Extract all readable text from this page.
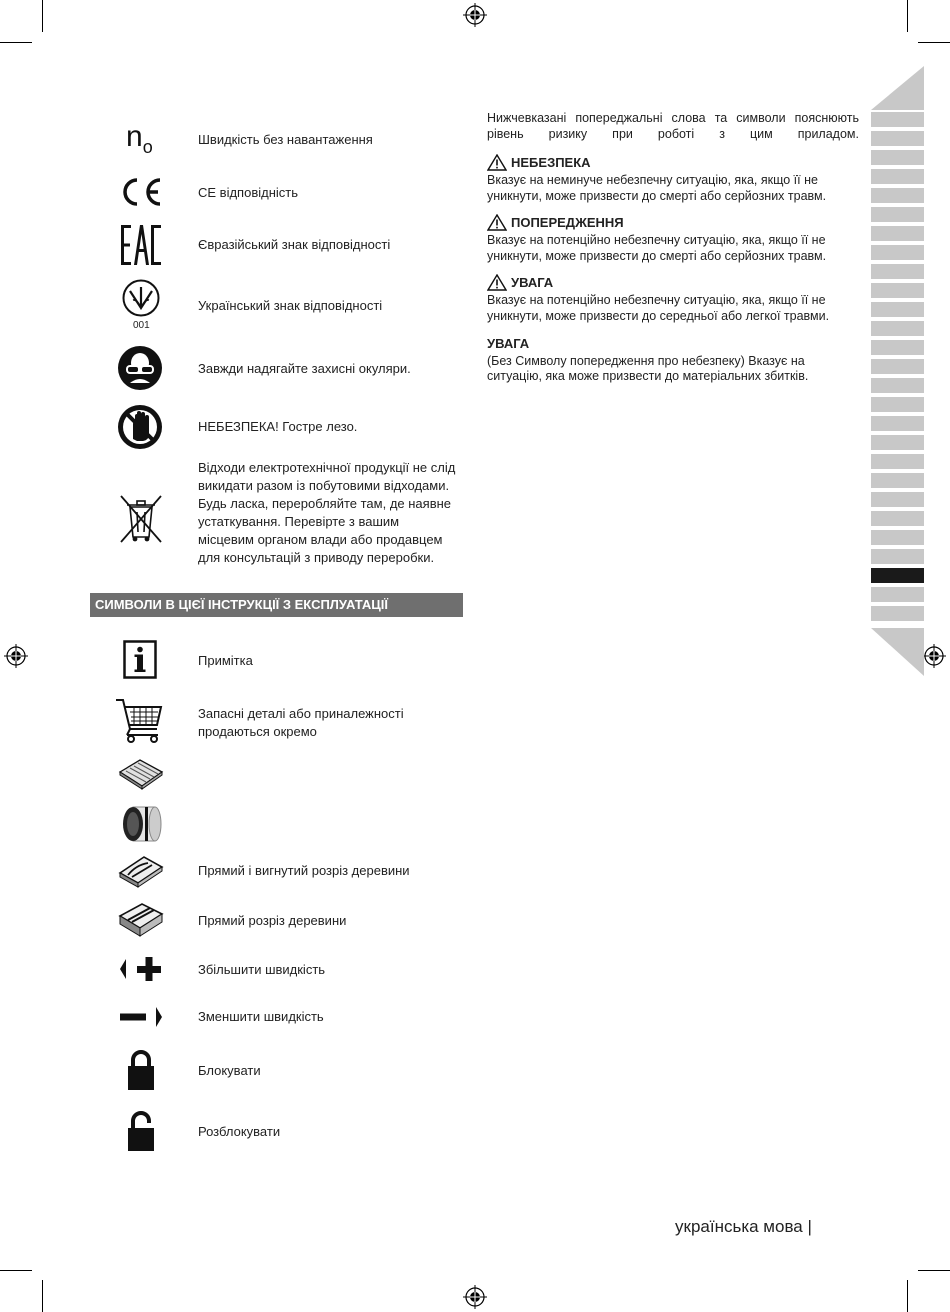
$n_o$	Швидкість без навантаження
CE відповідність
Євразійський знак відповідності
001
Український знак відповідності
Завжди надягайте захисні окуляри.
НЕБЕЗПЕКА! Гостре лезо.
Відходи електротехнічної продукції не слід викидати разом із побутовими відходами. Будь ласка, переробляйте там, де наявне устаткування. Перевірте з вашим місцевим органом влади або продавцем для консультацій з приводу переробки.
СИМВОЛИ В ЦІЄЇ ІНСТРУКЦІЇ З ЕКСПЛУАТАЦІЇ
Примітка
Запасні деталі або приналежності продаються окремо
Прямий і вигнутий розріз деревини
Прямий розріз деревини
Збільшити швидкість
Зменшити швидкість
Блокувати
Розблокувати

Нижчевказані попереджальні слова та символи пояснюють рівень ризику при роботі з цим приладом.

НЕБЕЗПЕКА

Вказує на неминуче небезпечну ситуацію, яка, якщо її не уникнути, може призвести до смерті або серйозних травм.

ПОПЕРЕДЖЕННЯ

Вказує на потенційно небезпечну ситуацію, яка, якщо її не уникнути, може призвести до смерті або серйозних травм.

УВАГА

Вказує на потенційно небезпечну ситуацію, яка, якщо її не уникнути, може призвести до середньої або легкої травми.

УВАГА

(Без Символу попередження про небезпеку) Вказує на ситуацію, яка може призвести до матеріальних збитків.

українська мова |
